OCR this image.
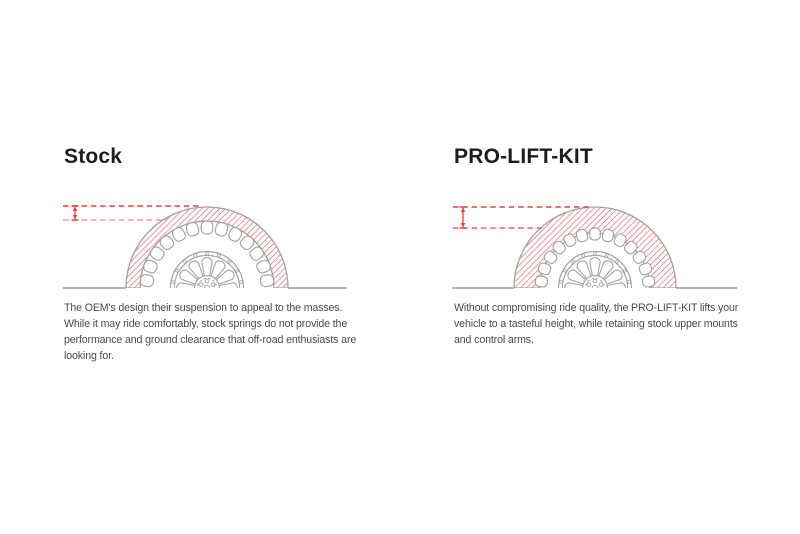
Stock	PRO-LIFT-KIT

The OEM's design their suspension to appeal to the masses. While it may ride comfortably, stock springs do not provide the performance and ground clearance that off-road enthusiasts are looking for.

Without compromising ride quality, the PRO-LIFT-KIT lifts your vehicle to a tasteful height, while retaining stock upper mounts and control arms.
